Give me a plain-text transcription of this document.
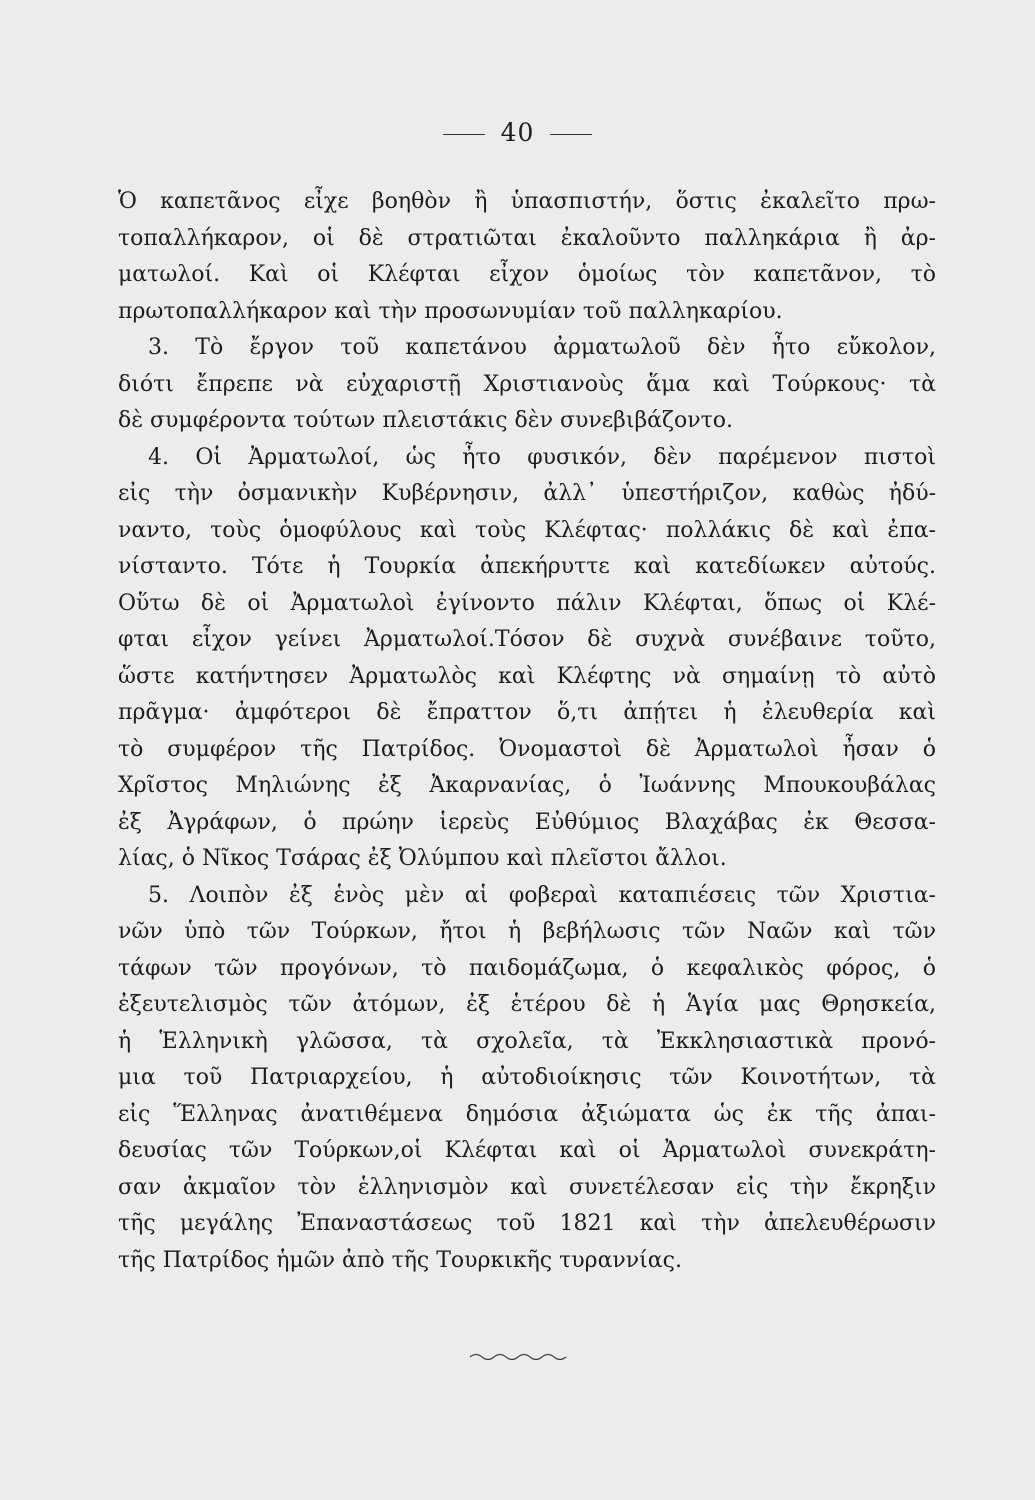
40
Ὁ καπετᾶνος εἶχε βοηθὸν ἢ ὑπασπιστήν, ὅστις ἐκαλεῖτο πρω-
τοπαλλήκαρον, οἱ δὲ στρατιῶται ἐκαλοῦντο παλληκάρια ἢ ἀρ-
ματωλοί. Καὶ οἱ Κλέφται εἶχον ὁμοίως τὸν καπετᾶνον, τὸ
πρωτοπαλλήκαρον καὶ τὴν προσωνυμίαν τοῦ παλληκαρίου.
3. Τὸ ἔργον τοῦ καπετάνου ἀρματωλοῦ δὲν ἦτο εὔκολον,
διότι ἔπρεπε νὰ εὐχαριστῇ Χριστιανοὺς ἅμα καὶ Τούρκους· τὰ
δὲ συμφέροντα τούτων πλειστάκις δὲν συνεβιβάζοντο.
4. Οἱ Ἀρματωλοί, ὡς ἦτο φυσικόν, δὲν παρέμενον πιστοὶ
εἰς τὴν ὀσμανικὴν Κυβέρνησιν, ἀλλ᾽ ὑπεστήριζον, καθὼς ἠδύ-
ναντο, τοὺς ὁμοφύλους καὶ τοὺς Κλέφτας· πολλάκις δὲ καὶ ἐπα-
νίσταντο. Τότε ἡ Τουρκία ἀπεκήρυττε καὶ κατεδίωκεν αὐτούς.
Οὕτω δὲ οἱ Ἀρματωλοὶ ἐγίνοντο πάλιν Κλέφται, ὅπως οἱ Κλέ-
φται εἶχον γείνει Ἀρματωλοί.Τόσον δὲ συχνὰ συνέβαινε τοῦτο,
ὥστε κατήντησεν Ἀρματωλὸς καὶ Κλέφτης νὰ σημαίνῃ τὸ αὐτὸ
πρᾶγμα· ἀμφότεροι δὲ ἔπραττον ὅ,τι ἀπῄτει ἡ ἐλευθερία καὶ
τὸ συμφέρον τῆς Πατρίδος. Ὀνομαστοὶ δὲ Ἀρματωλοὶ ἦσαν ὁ
Χρῖστος Μηλιώνης ἐξ Ἀκαρνανίας, ὁ Ἰωάννης Μπουκουβάλας
ἐξ Ἀγράφων, ὁ πρώην ἱερεὺς Εὐθύμιος Βλαχάβας ἐκ Θεσσα-
λίας, ὁ Νῖκος Τσάρας ἐξ Ὀλύμπου καὶ πλεῖστοι ἄλλοι.
5. Λοιπὸν ἐξ ἑνὸς μὲν αἱ φοβεραὶ καταπιέσεις τῶν Χριστια-
νῶν ὑπὸ τῶν Τούρκων, ἤτοι ἡ βεβήλωσις τῶν Ναῶν καὶ τῶν
τάφων τῶν προγόνων, τὸ παιδομάζωμα, ὁ κεφαλικὸς φόρος, ὁ
ἐξευτελισμὸς τῶν ἀτόμων, ἐξ ἑτέρου δὲ ἡ Ἁγία μας Θρησκεία,
ἡ Ἑλληνικὴ γλῶσσα, τὰ σχολεῖα, τὰ Ἐκκλησιαστικὰ προνό-
μια τοῦ Πατριαρχείου, ἡ αὐτοδιοίκησις τῶν Κοινοτήτων, τὰ
εἰς Ἕλληνας ἀνατιθέμενα δημόσια ἀξιώματα ὡς ἐκ τῆς ἀπαι-
δευσίας τῶν Τούρκων,οἱ Κλέφται καὶ οἱ Ἀρματωλοὶ συνεκράτη-
σαν ἀκμαῖον τὸν ἑλληνισμὸν καὶ συνετέλεσαν εἰς τὴν ἔκρηξιν
τῆς μεγάλης Ἐπαναστάσεως τοῦ 1821 καὶ τὴν ἀπελευθέρωσιν
τῆς Πατρίδος ἡμῶν ἀπὸ τῆς Τουρκικῆς τυραννίας.
